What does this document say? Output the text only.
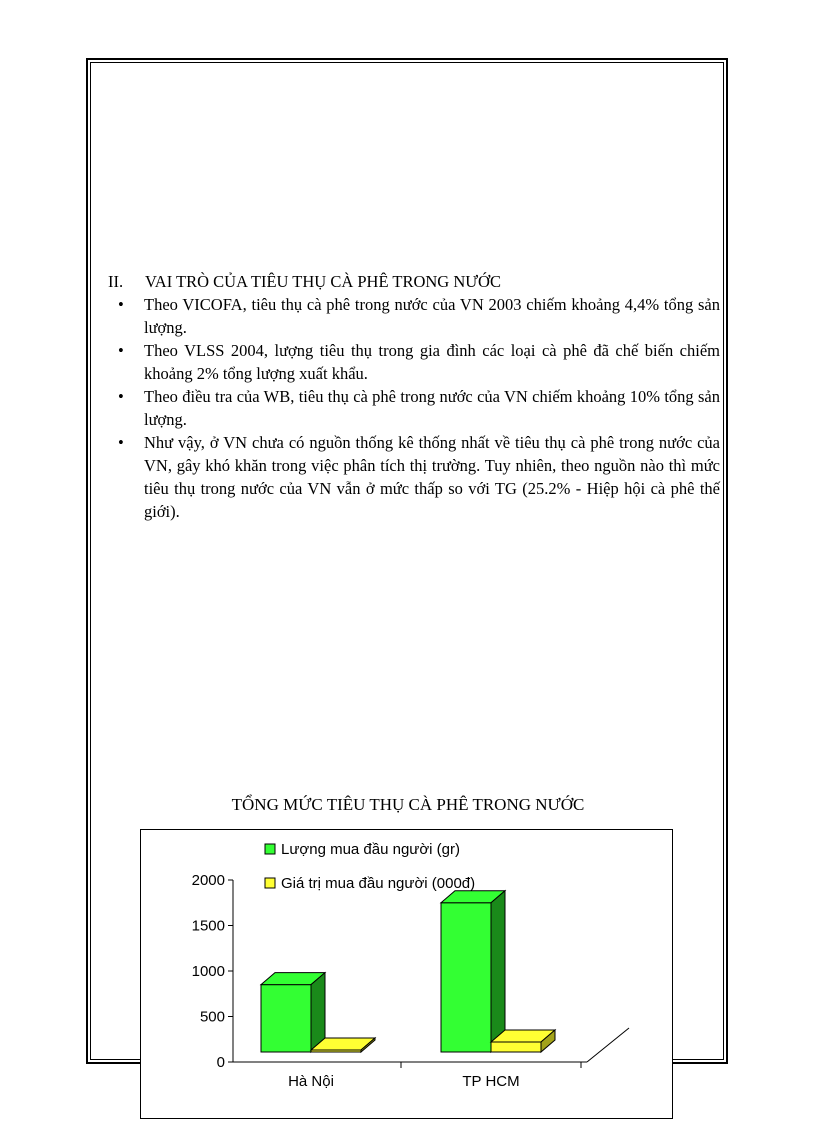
II.	VAI TRÒ CỦA TIÊU THỤ CÀ PHÊ TRONG NƯỚC
• Theo VICOFA, tiêu thụ cà phê trong nước của VN 2003 chiếm khoảng 4,4% tổng sản lượng.
• Theo VLSS 2004, lượng tiêu thụ trong gia đình các loại cà phê đã chế biến chiếm khoảng 2% tổng lượng xuất khẩu.
• Theo điều tra của WB, tiêu thụ cà phê trong nước của VN chiếm khoảng 10% tổng sản lượng.
• Như vậy, ở VN chưa có nguồn thống kê thống nhất về tiêu thụ cà phê trong nước của VN, gây khó khăn trong việc phân tích thị trường. Tuy nhiên, theo nguồn nào thì mức tiêu thụ trong nước của VN vẫn ở mức thấp so với TG (25.2% - Hiệp hội cà phê thế giới).
TỔNG MỨC TIÊU THỤ CÀ PHÊ TRONG NƯỚC
0
500
1000
1500
2000
Hà Nội	TP HCM
Lượng mua đầu người (gr)
Giá trị mua đầu người (000đ)
